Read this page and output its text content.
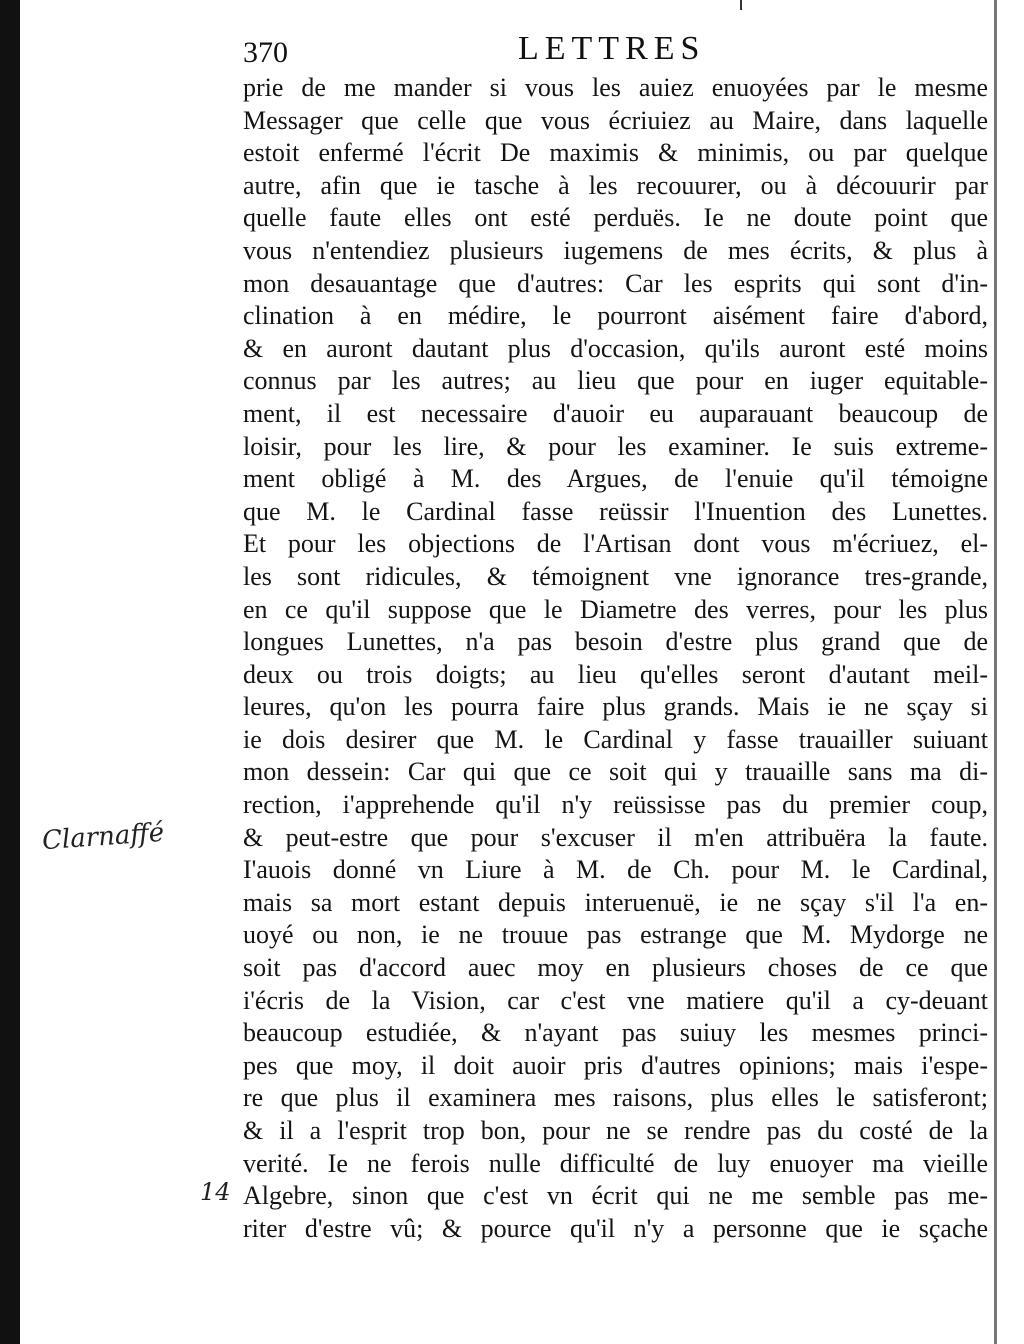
370	LETTRES
prie de me mander si vous les auiez enuoyées par le mesme
Messager que celle que vous écriuiez au Maire, dans laquelle
estoit enfermé l'écrit De maximis & minimis, ou par quelque
autre, afin que ie tasche à les recouurer, ou à découurir par
quelle faute elles ont esté perduës. Ie ne doute point que
vous n'entendiez plusieurs iugemens de mes écrits, & plus à
mon desauantage que d'autres: Car les esprits qui sont d'in-
clination à en médire, le pourront aisément faire d'abord,
& en auront dautant plus d'occasion, qu'ils auront esté moins
connus par les autres; au lieu que pour en iuger equitable-
ment, il est necessaire d'auoir eu auparauant beaucoup de
loisir, pour les lire, & pour les examiner. Ie suis extreme-
ment obligé à M. des Argues, de l'enuie qu'il témoigne
que M. le Cardinal fasse reüssir l'Inuention des Lunettes.
Et pour les objections de l'Artisan dont vous m'écriuez, el-
les sont ridicules, & témoignent vne ignorance tres-grande,
en ce qu'il suppose que le Diametre des verres, pour les plus
longues Lunettes, n'a pas besoin d'estre plus grand que de
deux ou trois doigts; au lieu qu'elles seront d'autant meil-
leures, qu'on les pourra faire plus grands. Mais ie ne sçay si
ie dois desirer que M. le Cardinal y fasse trauailler suiuant
mon dessein: Car qui que ce soit qui y trauaille sans ma di-
rection, i'apprehende qu'il n'y reüssisse pas du premier coup,
& peut-estre que pour s'excuser il m'en attribuëra la faute.
I'auois donné vn Liure à M. de Ch. pour M. le Cardinal,
mais sa mort estant depuis interuenuë, ie ne sçay s'il l'a en-
uoyé ou non, ie ne trouue pas estrange que M. Mydorge ne
soit pas d'accord auec moy en plusieurs choses de ce que
i'écris de la Vision, car c'est vne matiere qu'il a cy-deuant
beaucoup estudiée, & n'ayant pas suiuy les mesmes princi-
pes que moy, il doit auoir pris d'autres opinions; mais i'espe-
re que plus il examinera mes raisons, plus elles le satisferont;
& il a l'esprit trop bon, pour ne se rendre pas du costé de la
verité. Ie ne ferois nulle difficulté de luy enuoyer ma vieille
Algebre, sinon que c'est vn écrit qui ne me semble pas me-
riter d'estre vû; & pource qu'il n'y a personne que ie sçache
Clarnaffé
14
